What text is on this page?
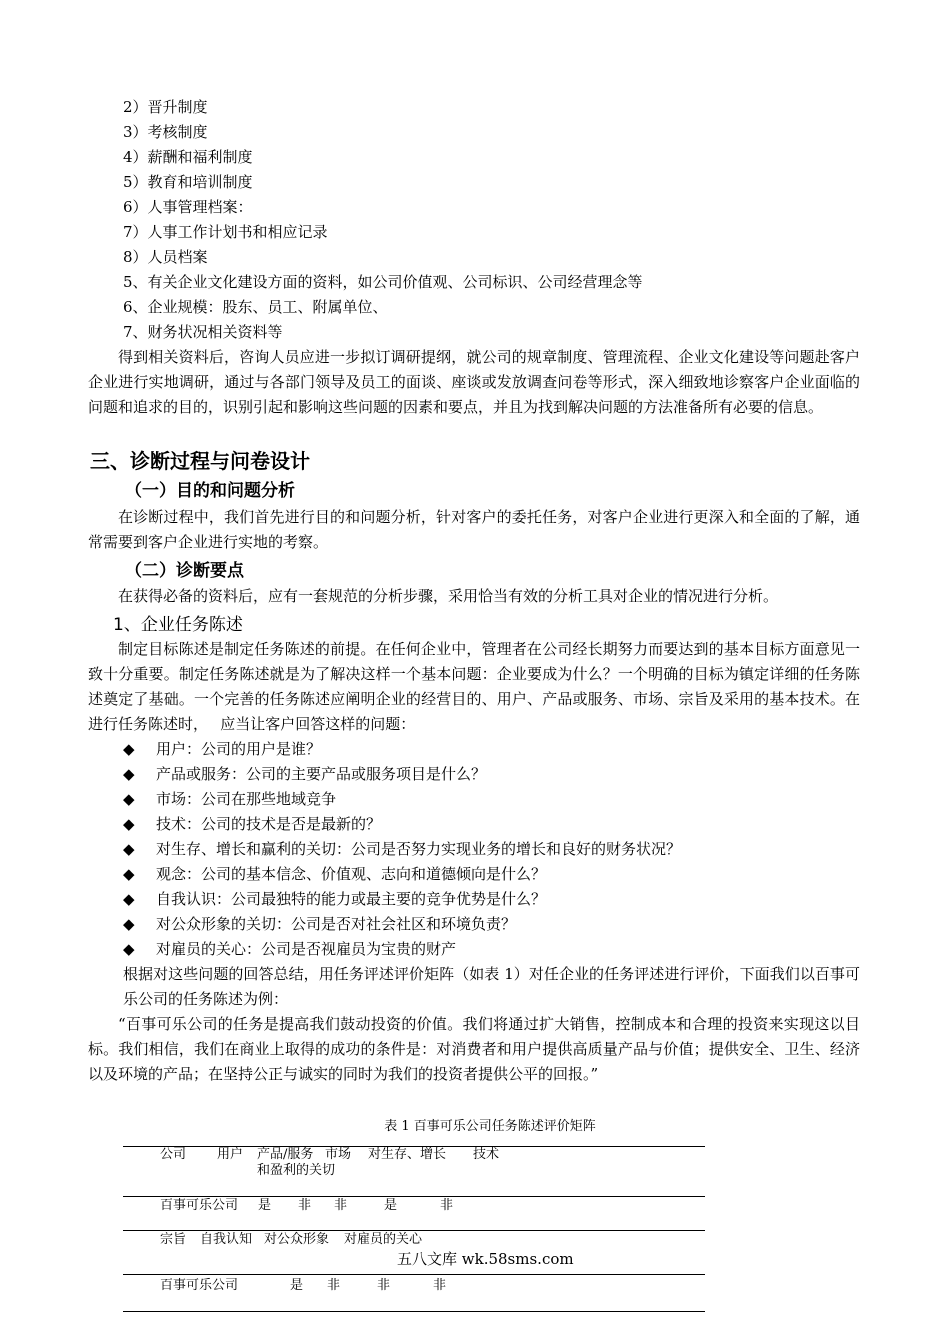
2）晋升制度
3）考核制度
4）薪酬和福利制度
5）教育和培训制度
6）人事管理档案：
7）人事工作计划书和相应记录
8）人员档案
5、有关企业文化建设方面的资料，如公司价值观、公司标识、公司经营理念等
6、企业规模：股东、员工、附属单位、
7、财务状况相关资料等
得到相关资料后，咨询人员应进一步拟订调研提纲，就公司的规章制度、管理流程、企业文化建设等问题赴客户企业进行实地调研，通过与各部门领导及员工的面谈、座谈或发放调查问卷等形式，深入细致地诊察客户企业面临的问题和追求的目的，识别引起和影响这些问题的因素和要点，并且为找到解决问题的方法准备所有必要的信息。
三、诊断过程与问卷设计
（一）目的和问题分析
在诊断过程中，我们首先进行目的和问题分析，针对客户的委托任务，对客户企业进行更深入和全面的了解，通常需要到客户企业进行实地的考察。
（二）诊断要点
在获得必备的资料后，应有一套规范的分析步骤，采用恰当有效的分析工具对企业的情况进行分析。
1、企业任务陈述
制定目标陈述是制定任务陈述的前提。在任何企业中，管理者在公司经长期努力而要达到的基本目标方面意见一致十分重要。制定任务陈述就是为了解决这样一个基本问题：企业要成为什么？一个明确的目标为镇定详细的任务陈述奠定了基础。一个完善的任务陈述应阐明企业的经营目的、用户、产品或服务、市场、宗旨及采用的基本技术。在进行任务陈述时，　 应当让客户回答这样的问题：
◆ 用户：公司的用户是谁？
◆ 产品或服务：公司的主要产品或服务项目是什么？
◆ 市场：公司在那些地域竞争
◆ 技术：公司的技术是否是最新的？
◆ 对生存、增长和赢利的关切：公司是否努力实现业务的增长和良好的财务状况？
◆ 观念：公司的基本信念、价值观、志向和道德倾向是什么？
◆ 自我认识：公司最独特的能力或最主要的竞争优势是什么？
◆ 对公众形象的关切：公司是否对社会社区和环境负责？
◆ 对雇员的关心：公司是否视雇员为宝贵的财产
根据对这些问题的回答总结，用任务评述评价矩阵（如表 1）对任企业的任务评述进行评价，下面我们以百事可乐公司的任务陈述为例：
“百事可乐公司的任务是提高我们鼓动投资的价值。我们将通过扩大销售，控制成本和合理的投资来实现这以目标。我们相信，我们在商业上取得的成功的条件是：对消费者和用户提供高质量产品与价值；提供安全、卫生、经济以及环境的产品；在坚持公正与诚实的同时为我们的投资者提供公平的回报。”
表 1 百事可乐公司任务陈述评价矩阵
公司 用户 产品/服务 市场 对生存、增长 技术
和盈利的关切
百事可乐公司 是 非 非	是	非
宗旨 自我认知 对公众形象 对雇员的关心
百事可乐公司	是 非	非	非
五八文库 wk.58sms.com
